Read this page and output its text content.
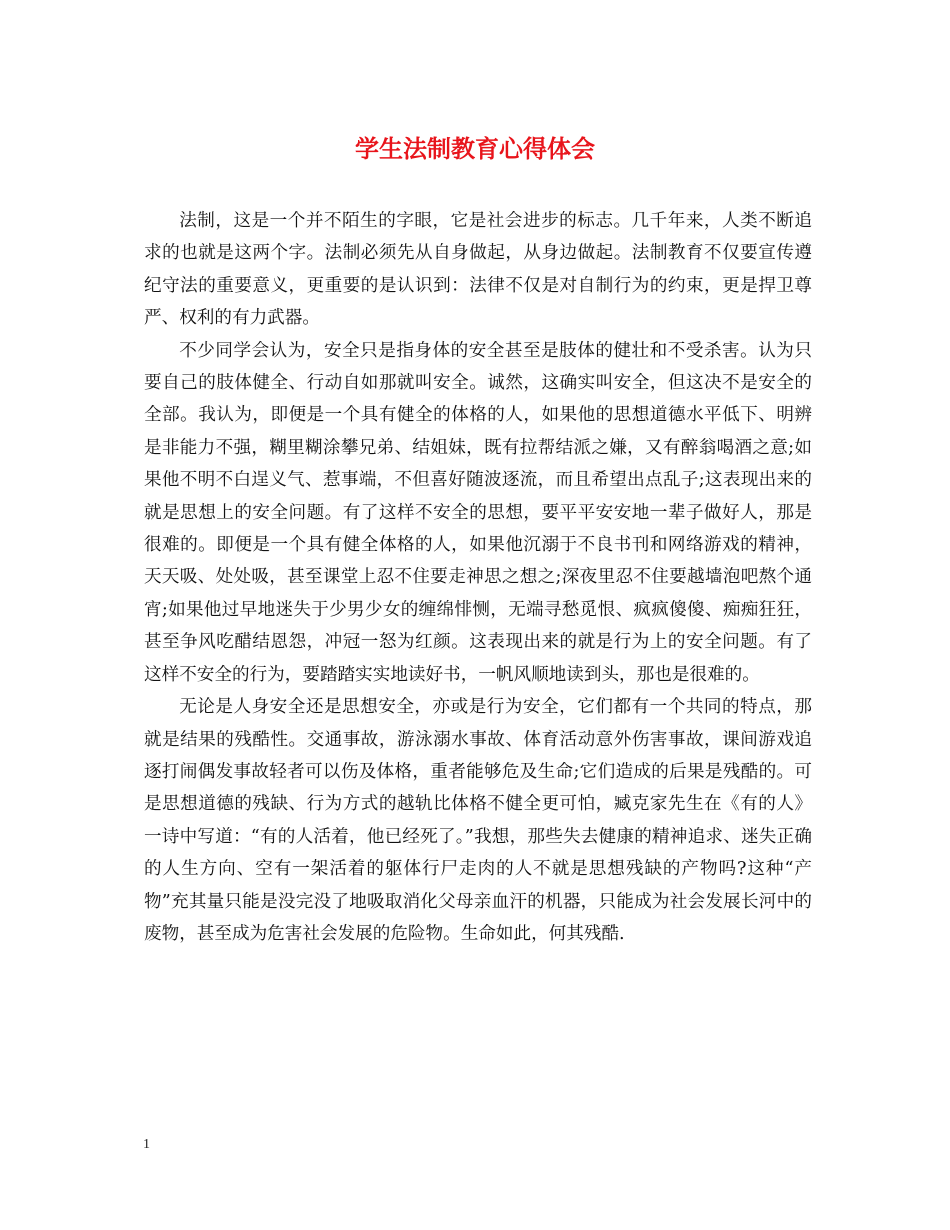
学生法制教育心得体会

法制，这是一个并不陌生的字眼，它是社会进步的标志。几千年来，人类不断追求的也就是这两个字。法制必须先从自身做起，从身边做起。法制教育不仅要宣传遵纪守法的重要意义，更重要的是认识到：法律不仅是对自制行为的约束，更是捍卫尊严、权利的有力武器。

不少同学会认为，安全只是指身体的安全甚至是肢体的健壮和不受杀害。认为只要自己的肢体健全、行动自如那就叫安全。诚然，这确实叫安全，但这决不是安全的全部。我认为，即便是一个具有健全的体格的人，如果他的思想道德水平低下、明辨是非能力不强，糊里糊涂攀兄弟、结姐妹，既有拉帮结派之嫌，又有醉翁喝酒之意;如果他不明不白逞义气、惹事端，不但喜好随波逐流，而且希望出点乱子;这表现出来的就是思想上的安全问题。有了这样不安全的思想，要平平安安地一辈子做好人，那是很难的。即便是一个具有健全体格的人，如果他沉溺于不良书刊和网络游戏的精神，天天吸、处处吸，甚至课堂上忍不住要走神思之想之;深夜里忍不住要越墙泡吧熬个通宵;如果他过早地迷失于少男少女的缠绵悱恻，无端寻愁觅恨、疯疯傻傻、痴痴狂狂，甚至争风吃醋结恩怨，冲冠一怒为红颜。这表现出来的就是行为上的安全问题。有了这样不安全的行为，要踏踏实实地读好书，一帆风顺地读到头，那也是很难的。

无论是人身安全还是思想安全，亦或是行为安全，它们都有一个共同的特点，那就是结果的残酷性。交通事故，游泳溺水事故、体育活动意外伤害事故，课间游戏追逐打闹偶发事故轻者可以伤及体格，重者能够危及生命;它们造成的后果是残酷的。可是思想道德的残缺、行为方式的越轨比体格不健全更可怕，臧克家先生在《有的人》一诗中写道：“有的人活着，他已经死了。”我想，那些失去健康的精神追求、迷失正确的人生方向、空有一架活着的躯体行尸走肉的人不就是思想残缺的产物吗?这种“产物”充其量只能是没完没了地吸取消化父母亲血汗的机器，只能成为社会发展长河中的废物，甚至成为危害社会发展的危险物。生命如此，何其残酷.

1
